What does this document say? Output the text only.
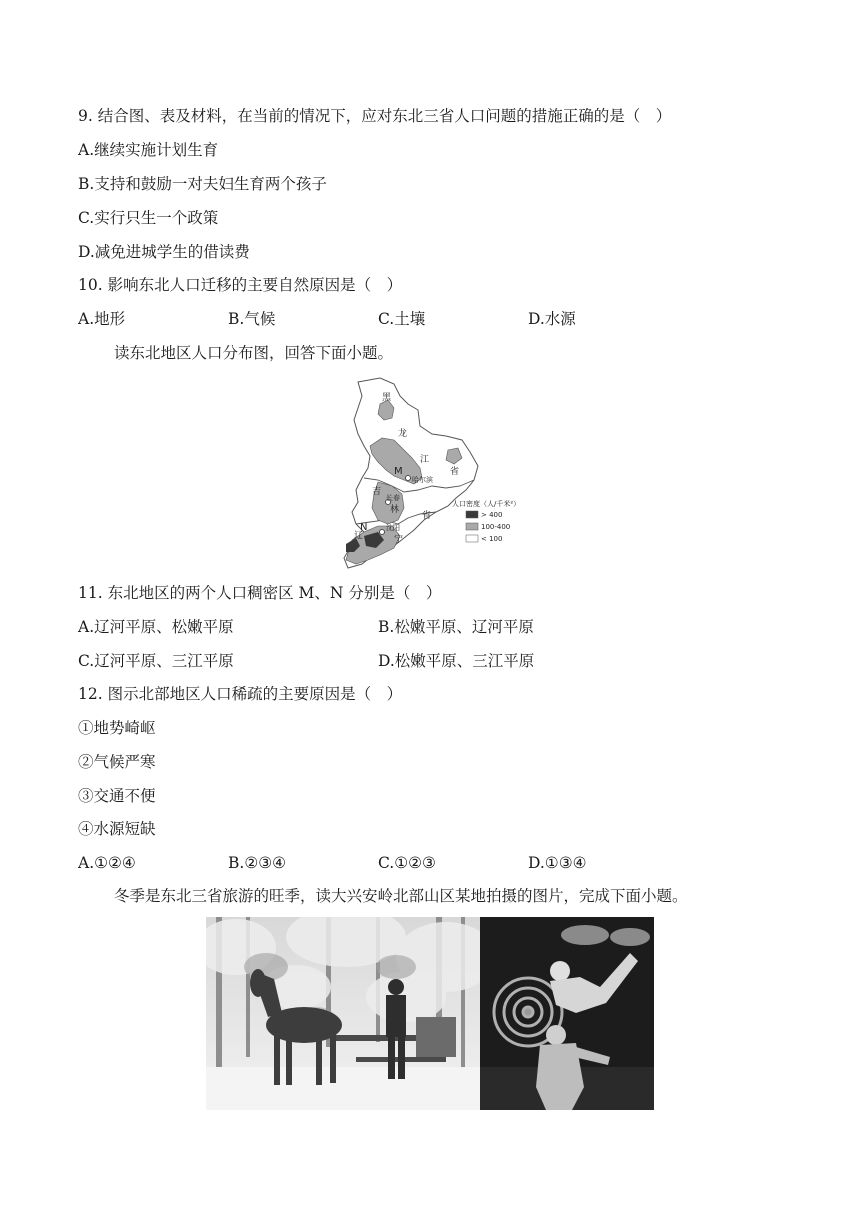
9. 结合图、表及材料，在当前的情况下，应对东北三省人口问题的措施正确的是（　）
A.继续实施计划生育
B.支持和鼓励一对夫妇生育两个孩子
C.实行只生一个政策
D.减免进城学生的借读费
10. 影响东北人口迁移的主要自然原因是（　）
A.地形	B.气候	C.土壤	D.水源
读东北地区人口分布图，回答下面小题。
黑
龙
江
省
M
哈尔滨
吉
长春
林
省
N	沈阳
辽	宁
人口密度（人/千米²）
> 400
100-400
< 100
11. 东北地区的两个人口稠密区 M、N 分别是（　）
A.辽河平原、松嫩平原	B.松嫩平原、辽河平原
C.辽河平原、三江平原	D.松嫩平原、三江平原
12. 图示北部地区人口稀疏的主要原因是（　）
①地势崎岖
②气候严寒
③交通不便
④水源短缺
A.①②④	B.②③④	C.①②③	D.①③④
冬季是东北三省旅游的旺季，读大兴安岭北部山区某地拍摄的图片，完成下面小题。
